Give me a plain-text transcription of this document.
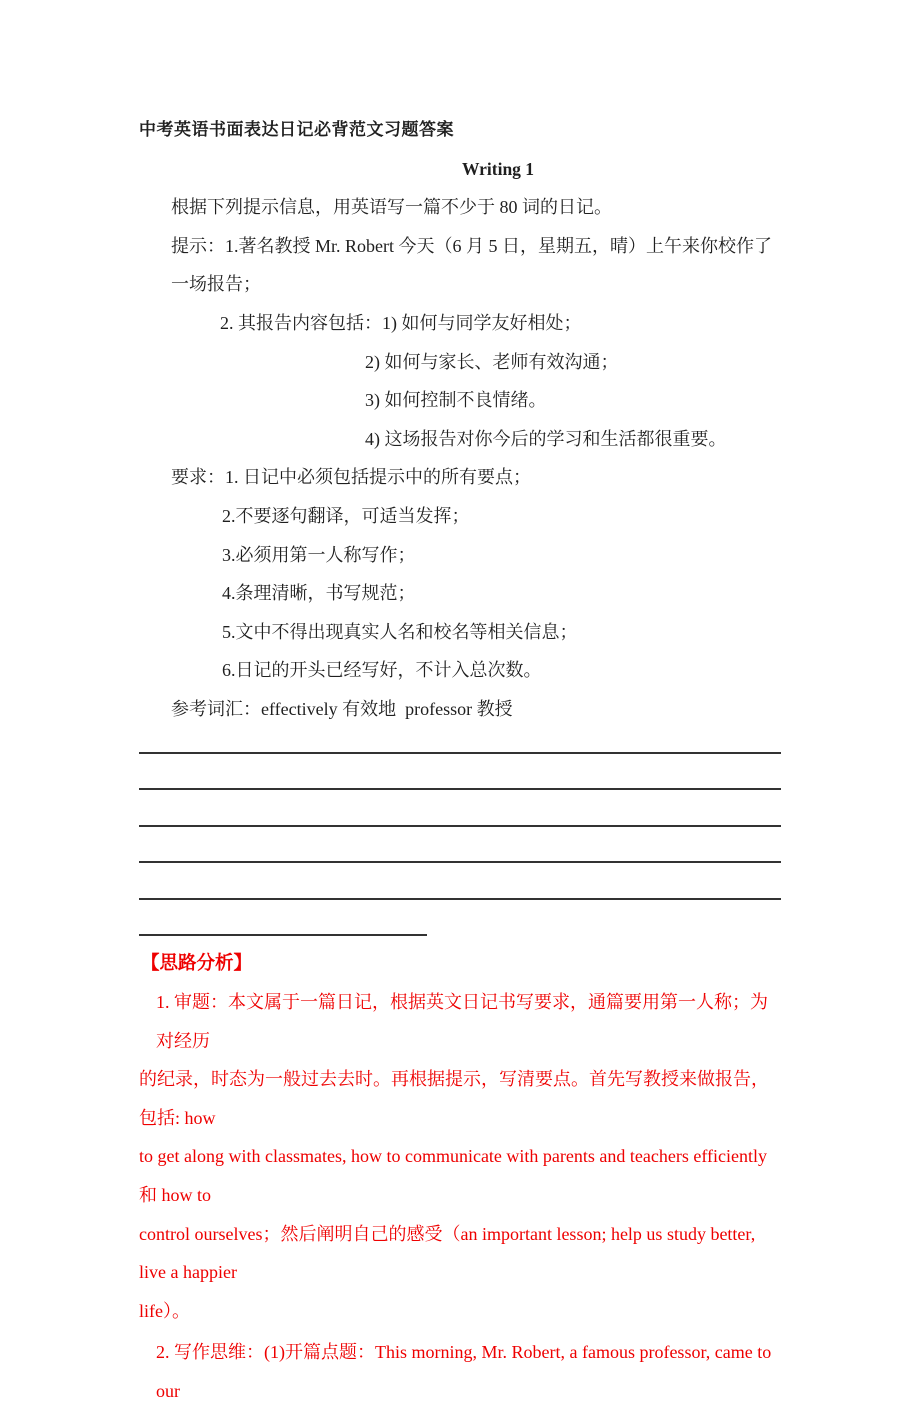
中考英语书面表达日记必背范文习题答案
Writing 1
根据下列提示信息，用英语写一篇不少于 80 词的日记。
提示：1.著名教授 Mr. Robert 今天（6 月 5 日，星期五，晴）上午来你校作了一场报告；
2. 其报告内容包括：1) 如何与同学友好相处；
2) 如何与家长、老师有效沟通；
3) 如何控制不良情绪。
4) 这场报告对你今后的学习和生活都很重要。
要求：1. 日记中必须包括提示中的所有要点；
2.不要逐句翻译，可适当发挥；
3.必须用第一人称写作；
4.条理清晰，书写规范；
5.文中不得出现真实人名和校名等相关信息；
6.日记的开头已经写好，不计入总次数。
参考词汇：effectively 有效地  professor 教授
【思路分析】
1. 审题：本文属于一篇日记，根据英文日记书写要求，通篇要用第一人称；为对经历
的纪录，时态为一般过去去时。再根据提示，写清要点。首先写教授来做报告，包括: how
to get along with classmates, how to communicate with parents and teachers efficiently 和 how to
control ourselves；然后阐明自己的感受（an important lesson; help us study better, live a happier
life）。
2. 写作思维：(1)开篇点题：This morning, Mr. Robert, a famous professor, came to our
